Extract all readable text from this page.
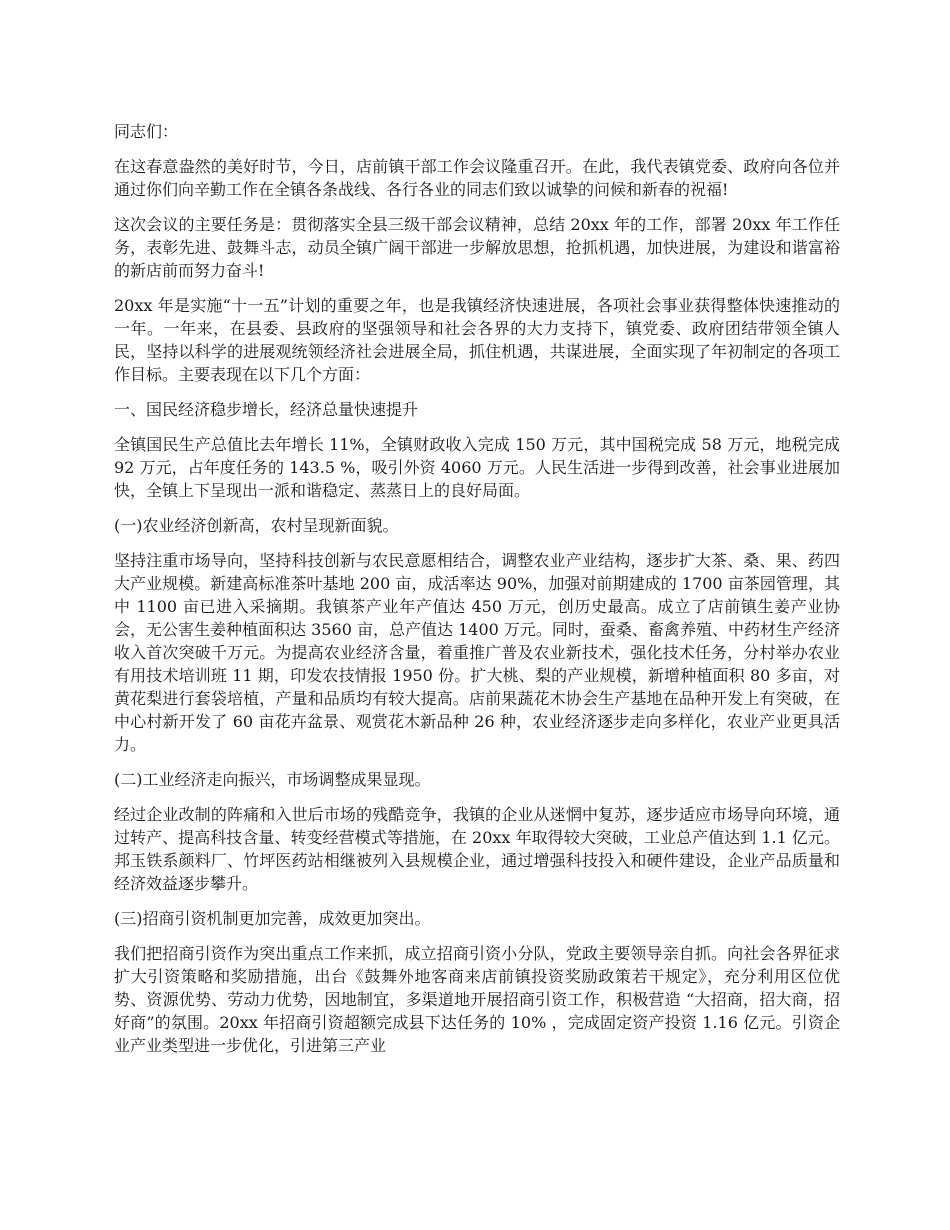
同志们：

在这春意盎然的美好时节，今日，店前镇干部工作会议隆重召开。在此，我代表镇党委、政府向各位并通过你们向辛勤工作在全镇各条战线、各行各业的同志们致以诚挚的问候和新春的祝福!

这次会议的主要任务是：贯彻落实全县三级干部会议精神，总结 20xx 年的工作，部署 20xx 年工作任务，表彰先进、鼓舞斗志，动员全镇广阔干部进一步解放思想，抢抓机遇，加快进展，为建设和谐富裕的新店前而努力奋斗!

20xx 年是实施“十一五”计划的重要之年，也是我镇经济快速进展，各项社会事业获得整体快速推动的一年。一年来，在县委、县政府的坚强领导和社会各界的大力支持下，镇党委、政府团结带领全镇人民，坚持以科学的进展观统领经济社会进展全局，抓住机遇，共谋进展，全面实现了年初制定的各项工作目标。主要表现在以下几个方面：

一、国民经济稳步增长，经济总量快速提升

全镇国民生产总值比去年增长 11%，全镇财政收入完成 150 万元，其中国税完成 58 万元，地税完成 92 万元，占年度任务的 143.5 %，吸引外资 4060 万元。人民生活进一步得到改善，社会事业进展加快，全镇上下呈现出一派和谐稳定、蒸蒸日上的良好局面。

(一)农业经济创新高，农村呈现新面貌。

坚持注重市场导向，坚持科技创新与农民意愿相结合，调整农业产业结构，逐步扩大茶、桑、果、药四大产业规模。新建高标准茶叶基地 200 亩，成活率达 90%，加强对前期建成的 1700 亩茶园管理，其中 1100 亩已进入采摘期。我镇茶产业年产值达 450 万元，创历史最高。成立了店前镇生姜产业协会，无公害生姜种植面积达 3560 亩，总产值达 1400 万元。同时，蚕桑、畜禽养殖、中药材生产经济收入首次突破千万元。为提高农业经济含量，着重推广普及农业新技术，强化技术任务，分村举办农业有用技术培训班 11 期，印发农技情报 1950 份。扩大桃、梨的产业规模，新增种植面积 80 多亩，对黄花梨进行套袋培植，产量和品质均有较大提高。店前果蔬花木协会生产基地在品种开发上有突破，在中心村新开发了 60 亩花卉盆景、观赏花木新品种 26 种，农业经济逐步走向多样化，农业产业更具活力。

(二)工业经济走向振兴，市场调整成果显现。

经过企业改制的阵痛和入世后市场的残酷竞争，我镇的企业从迷惘中复苏，逐步适应市场导向环境，通过转产、提高科技含量、转变经营模式等措施，在 20xx 年取得较大突破，工业总产值达到 1.1 亿元。邦玉铁系颜料厂、竹坪医药站相继被列入县规模企业，通过增强科技投入和硬件建设，企业产品质量和经济效益逐步攀升。

(三)招商引资机制更加完善，成效更加突出。

我们把招商引资作为突出重点工作来抓，成立招商引资小分队，党政主要领导亲自抓。向社会各界征求扩大引资策略和奖励措施，出台《鼓舞外地客商来店前镇投资奖励政策若干规定》，充分利用区位优势、资源优势、劳动力优势，因地制宜，多渠道地开展招商引资工作，积极营造 “大招商，招大商，招好商”的氛围。20xx 年招商引资超额完成县下达任务的 10% ，完成固定资产投资 1.16 亿元。引资企业产业类型进一步优化，引进第三产业
